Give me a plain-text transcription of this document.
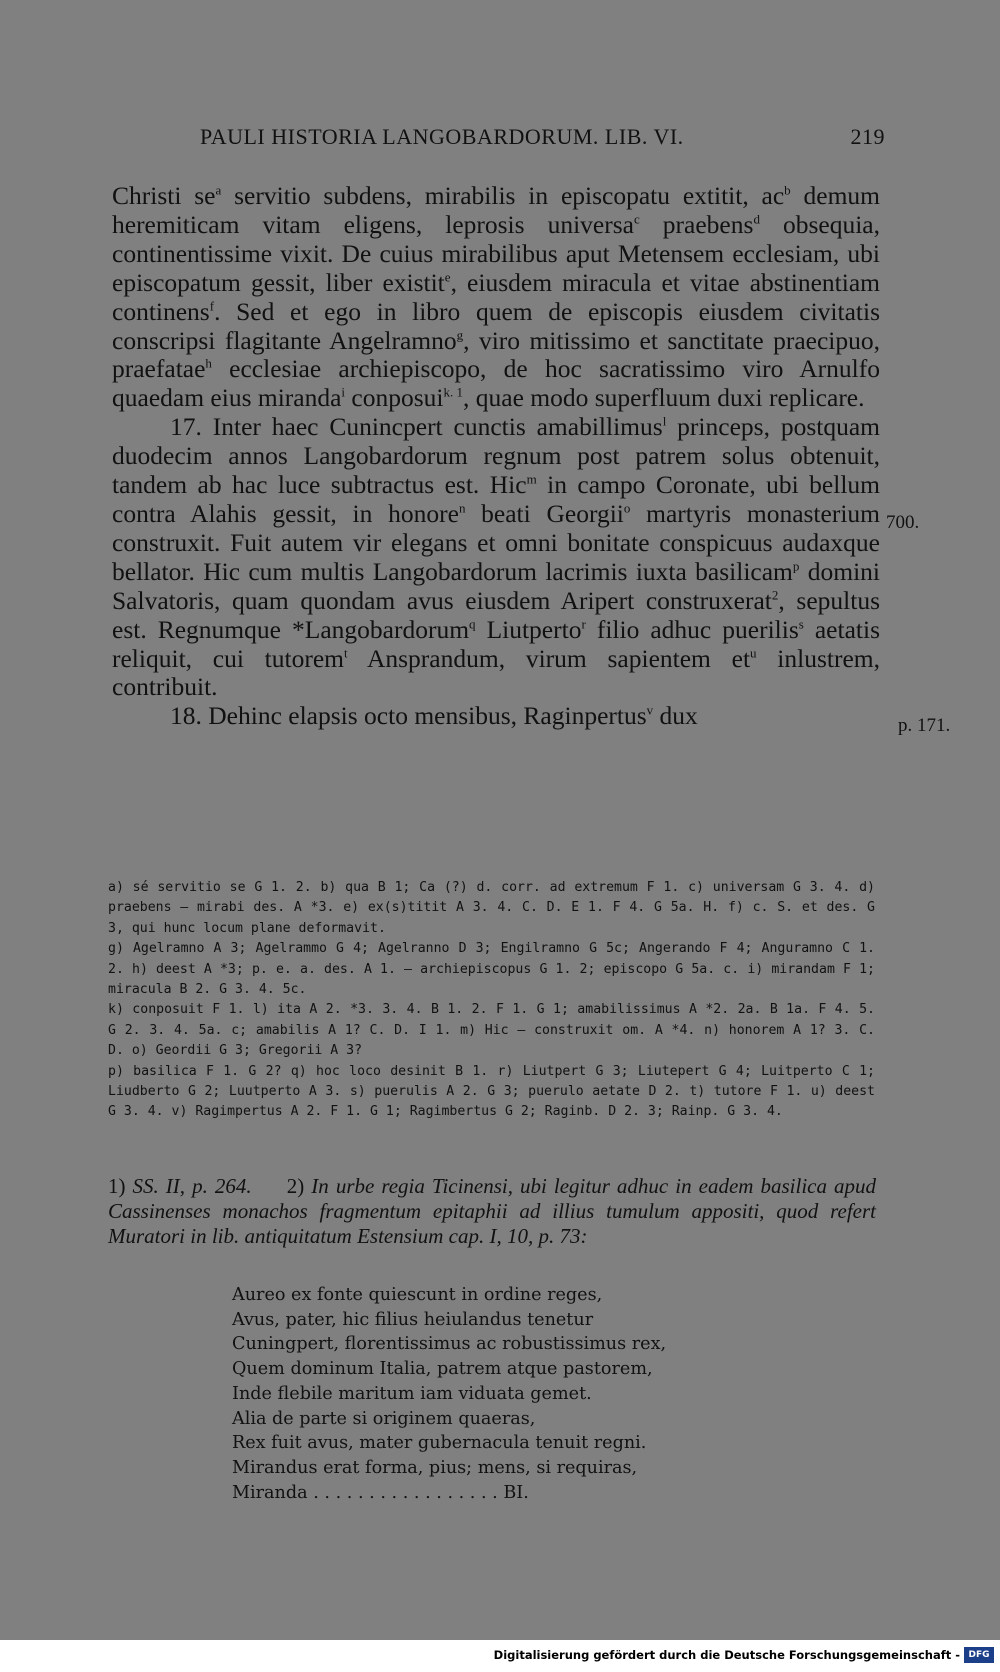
PAULI HISTORIA LANGOBARDORUM. LIB. VI.	219

Christi $se^a$ servitio subdens, mirabilis in episcopatu extitit, $ac^b$ demum heremiticam vitam eligens, leprosis universa$^c$ praebens$^d$ obsequia, continentissime vixit. De cuius mirabilibus aput Metensem ecclesiam, ubi episcopatum gessit, liber existit$^e$, eiusdem miracula et vitae abstinentiam continens$^f$. Sed et ego in libro quem de episcopis eiusdem civitatis conscripsi flagitante Angelramno$^g$, viro mitissimo et sanctitate praecipuo, praefatae$^h$ ecclesiae archiepiscopo, de hoc sacratissimo viro Arnulfo quaedam eius miranda$^i$ conposui$^{k. 1}$, quae modo superfluum duxi replicare.

17. Inter haec Cunincpert cunctis amabillimus$^l$ princeps, postquam duodecim annos Langobardorum regnum post patrem solus obtenuit, tandem ab hac luce subtractus est. Hic$^m$ in campo Coronate, ubi bellum contra Alahis gessit, in honore$^n$ beati Georgii$^o$ martyris monasterium construxit. Fuit autem vir elegans et omni bonitate conspicuus audaxque bellator. Hic cum multis Langobardorum lacrimis iuxta basilicam$^p$ domini Salvatoris, quam quondam avus eiusdem Aripert construxerat$^2$, sepultus est. Regnumque *Langobardorum$^q$ Liutperto$^r$ filio adhuc puerilis$^s$ aetatis reliquit, cui tutorem$^t$ Ansprandum, virum sapientem $et^u$ inlustrem, contribuit.

18. Dehinc elapsis octo mensibus, Raginpertus$^v$ dux

700.
p. 171.
a) sé servitio se G 1. 2. b) qua B 1; Ca (?) d. corr. ad extremum F 1. c) universam G 3. 4. d) praebens — mirabi des. A *3. e) ex(s)titit A 3. 4. C. D. E 1. F 4. G 5a. H. f) c. S. et des. G 3, qui hunc locum plane deformavit.
g) Agelramno A 3; Agelrammo G 4; Agelranno D 3; Engilramno G 5c; Angerando F 4; Anguramno C 1. 2. h) deest A *3; p. e. a. des. A 1. — archiepiscopus G 1. 2; episcopo G 5a. c. i) mirandam F 1; miracula B 2. G 3. 4. 5c.
k) conposuit F 1. l) ita A 2. *3. 3. 4. B 1. 2. F 1. G 1; amabilissimus A *2. 2a. B 1a. F 4. 5. G 2. 3. 4. 5a. c; amabilis A 1? C. D. I 1. m) Hic — construxit om. A *4. n) honorem A 1? 3. C. D. o) Geordii G 3; Gregorii A 3?
p) basilica F 1. G 2? q) hoc loco desinit B 1. r) Liutpert G 3; Liutepert G 4; Luitperto C 1; Liudberto G 2; Luutperto A 3. s) puerulis A 2. G 3; puerulo aetate D 2. t) tutore F 1. u) deest G 3. 4. v) Ragimpertus A 2. F 1. G 1; Ragimbertus G 2; Raginb. D 2. 3; Rainp. G 3. 4.
1) SS. II, p. 264. 2) In urbe regia Ticinensi, ubi legitur adhuc in eadem basilica apud Cassinenses monachos fragmentum epitaphii ad illius tumulum appositi, quod refert Muratori in lib. antiquitatum Estensium cap. I, 10, p. 73:
Aureo ex fonte quiescunt in ordine reges,
Avus, pater, hic filius heiulandus tenetur
Cuningpert, florentissimus ac robustissimus rex,
Quem dominum Italia, patrem atque pastorem,
Inde flebile maritum iam viduata gemet.
Alia de parte si originem quaeras,
Rex fuit avus, mater gubernacula tenuit regni.
Mirandus erat forma, pius; mens, si requiras,
Miranda . . . . . . . . . . . . . . . . . BI.
Digitalisierung gefördert durch die Deutsche Forschungsgemeinschaft - DFG
